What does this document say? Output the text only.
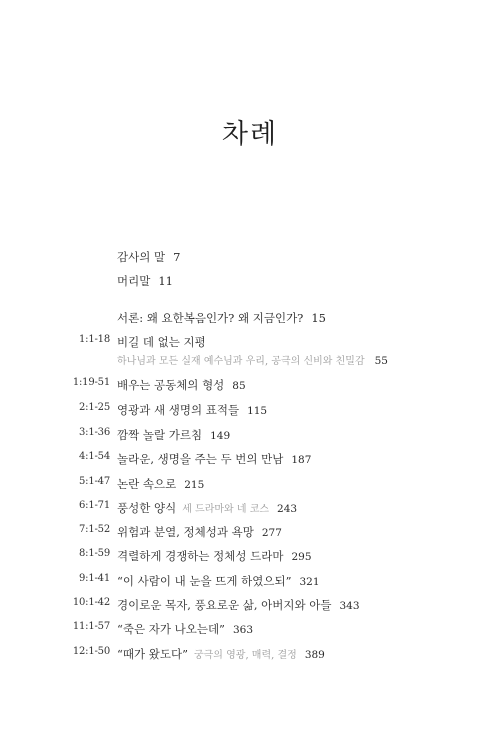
차례
감사의 말 7
머리말 11
서론: 왜 요한복음인가? 왜 지금인가? 15
1:1-18 비길 데 없는 지평
하나님과 모든 실재 예수님과 우리, 공극의 신비와 친밀감 55
1:19-51 배우는 공동체의 형성 85
2:1-25 영광과 새 생명의 표적들 115
3:1-36 깜짝 놀랄 가르침 149
4:1-54 놀라운, 생명을 주는 두 번의 만남 187
5:1-47 논란 속으로 215
6:1-71 풍성한 양식 세 드라마와 네 코스 243
7:1-52 위험과 분열, 정체성과 욕망 277
8:1-59 격렬하게 경쟁하는 정체성 드라마 295
9:1-41 “이 사람이 내 눈을 뜨게 하였으되” 321
10:1-42 경이로운 목자, 풍요로운 삶, 아버지와 아들 343
11:1-57 “죽은 자가 나오는데” 363
12:1-50 “때가 왔도다” 궁극의 영광, 매력, 결정 389
